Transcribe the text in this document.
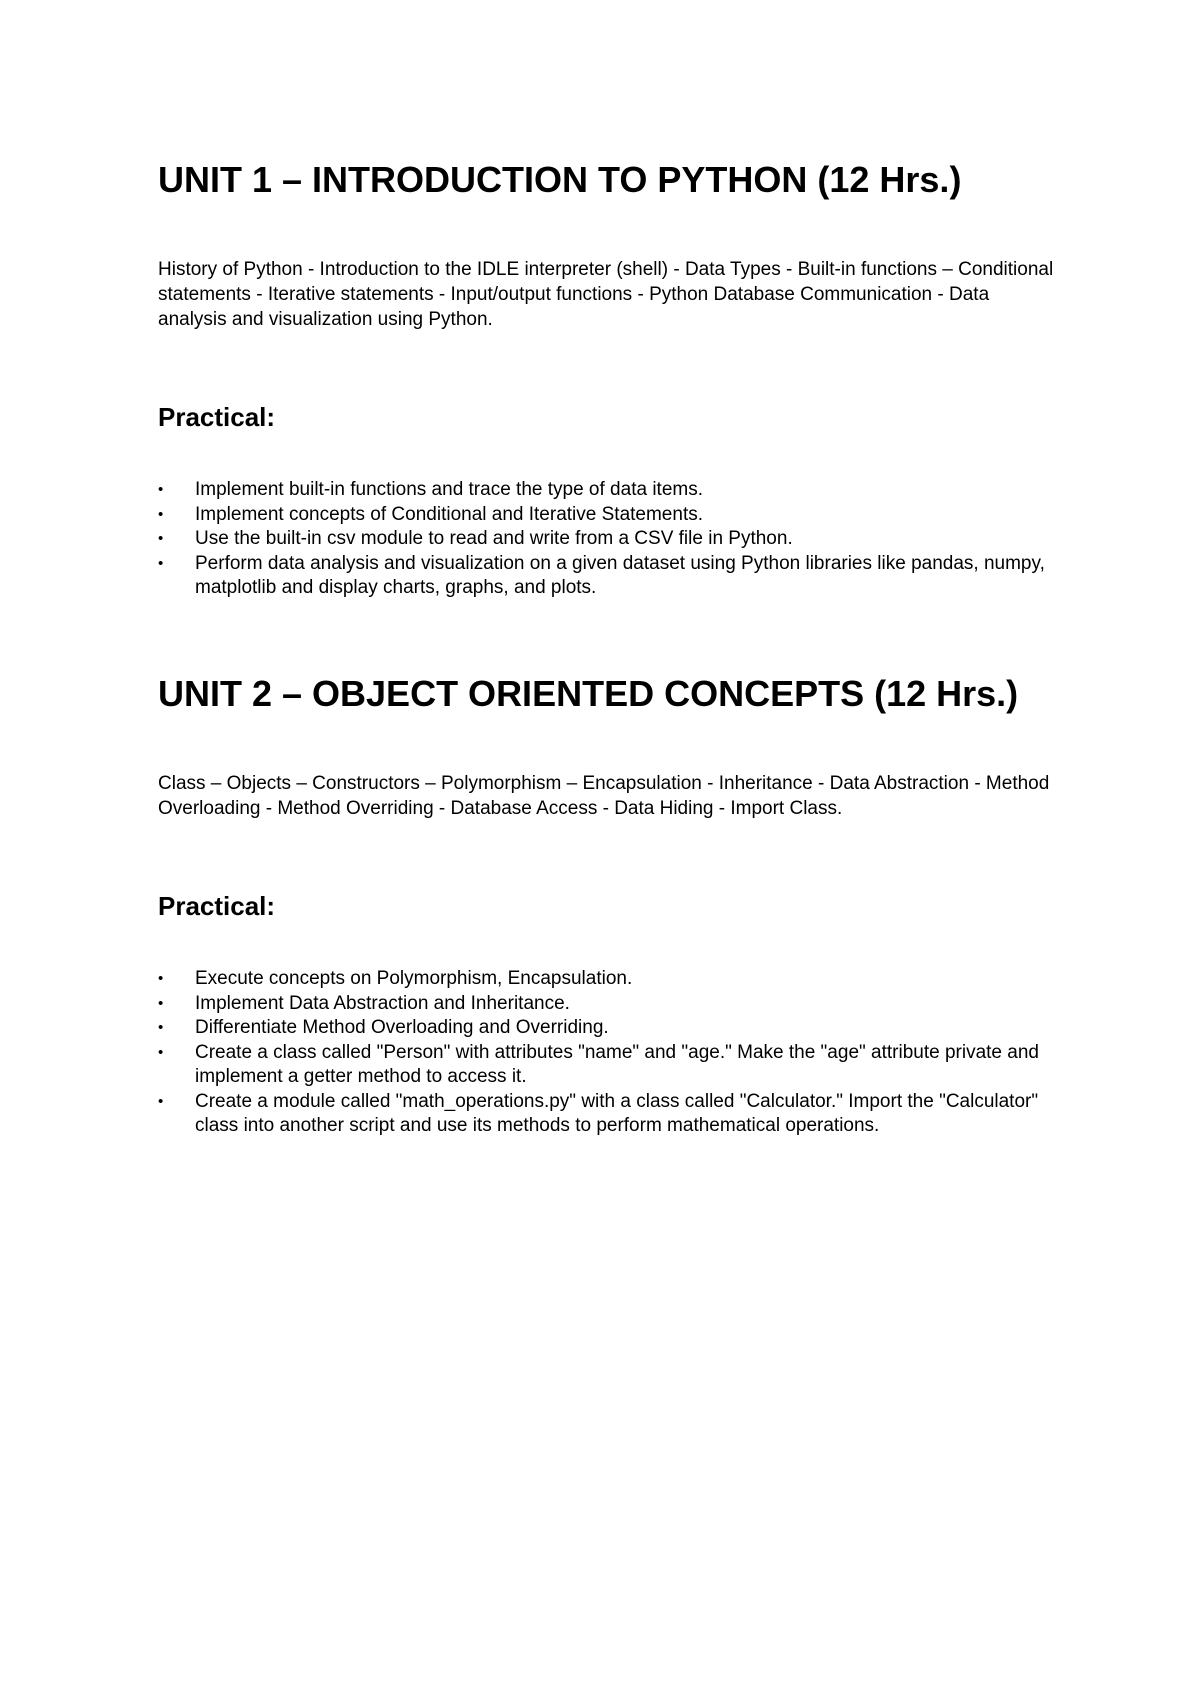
UNIT 1 – INTRODUCTION TO PYTHON (12 Hrs.)

History of Python - Introduction to the IDLE interpreter (shell) - Data Types - Built-in functions – Conditional statements - Iterative statements - Input/output functions - Python Database Communication - Data analysis and visualization using Python.

Practical:
•	Implement built-in functions and trace the type of data items.
•	Implement concepts of Conditional and Iterative Statements.
•	Use the built-in csv module to read and write from a CSV file in Python.
•	Perform data analysis and visualization on a given dataset using Python libraries like pandas, numpy, matplotlib and display charts, graphs, and plots.
UNIT 2 – OBJECT ORIENTED CONCEPTS (12 Hrs.)

Class – Objects – Constructors – Polymorphism – Encapsulation - Inheritance - Data Abstraction - Method Overloading - Method Overriding - Database Access - Data Hiding - Import Class.

Practical:
•	Execute concepts on Polymorphism, Encapsulation.
•	Implement Data Abstraction and Inheritance.
•	Differentiate Method Overloading and Overriding.
•	Create a class called "Person" with attributes "name" and "age." Make the "age" attribute private and implement a getter method to access it.
•	Create a module called "math_operations.py" with a class called "Calculator." Import the "Calculator" class into another script and use its methods to perform mathematical operations.
